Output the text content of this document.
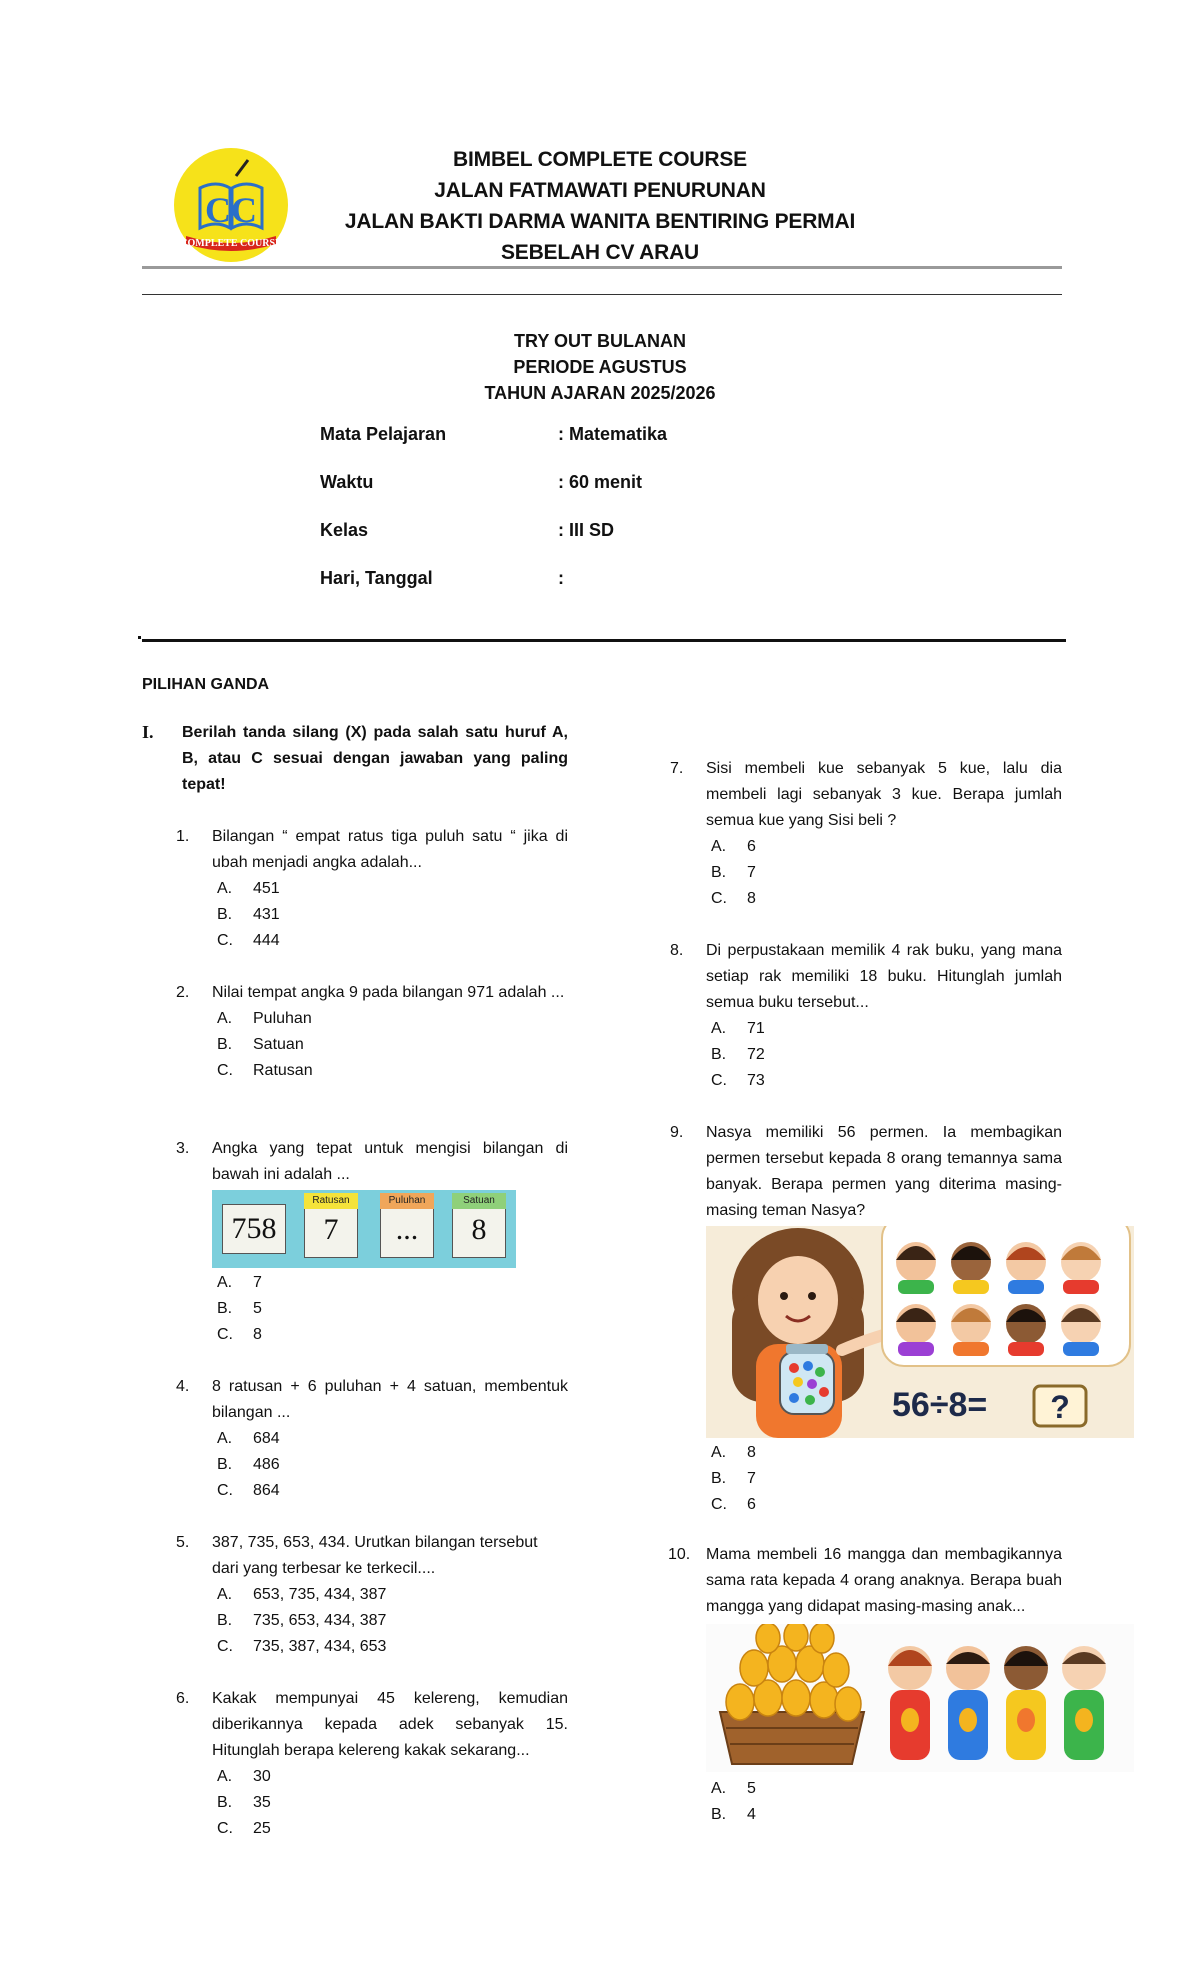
CC
COMPLETE COURSE
BIMBEL COMPLETE COURSE
JALAN FATMAWATI PENURUNAN
JALAN BAKTI DARMA WANITA BENTIRING PERMAI
SEBELAH CV ARAU
TRY OUT BULANAN
PERIODE AGUSTUS
TAHUN AJARAN 2025/2026
Mata Pelajaran	: Matematika
Waktu	: 60 menit
Kelas	: III SD
Hari, Tanggal	:
PILIHAN GANDA
I. Berilah tanda silang (X) pada salah satu huruf A, B, atau C sesuai dengan jawaban yang paling tepat!
1. Bilangan “ empat ratus tiga puluh satu “ jika di ubah menjadi angka adalah...
A.	451
B.	431
C.	444
2. Nilai tempat angka 9 pada bilangan 971 adalah ...
A.	Puluhan
B.	Satuan
C.	Ratusan
3. Angka yang tepat untuk mengisi bilangan di bawah ini adalah ...
758
Ratusan
7
Puluhan
...
Satuan
8
A.	7
B.	5
C.	8
4. 8 ratusan + 6 puluhan + 4 satuan, membentuk bilangan ...
A.	684
B.	486
C.	864
5. 387, 735, 653, 434. Urutkan bilangan tersebut dari yang terbesar ke terkecil....
A.	653, 735, 434, 387
B.	735, 653, 434, 387
C.	735, 387, 434, 653
6. Kakak mempunyai 45 kelereng, kemudian diberikannya kepada adek sebanyak 15. Hitunglah berapa kelereng kakak sekarang...
A.	30
B.	35
C.	25
7. Sisi membeli kue sebanyak 5 kue, lalu dia membeli lagi sebanyak 3 kue. Berapa jumlah semua kue yang Sisi beli ?
A.	6
B.	7
C.	8
8. Di perpustakaan memilik 4 rak buku, yang mana setiap rak memiliki 18 buku. Hitunglah jumlah semua buku tersebut...
A.	71
B.	72
C.	73
9. Nasya memiliki 56 permen. Ia membagikan permen tersebut kepada 8 orang temannya sama banyak. Berapa permen yang diterima masing-masing teman Nasya?
56÷8= ?
A.	8
B.	7
C.	6
10. Mama membeli 16 mangga dan membagikannya sama rata kepada 4 orang anaknya. Berapa buah mangga yang didapat masing-masing anak...
A.	5
B.	4
